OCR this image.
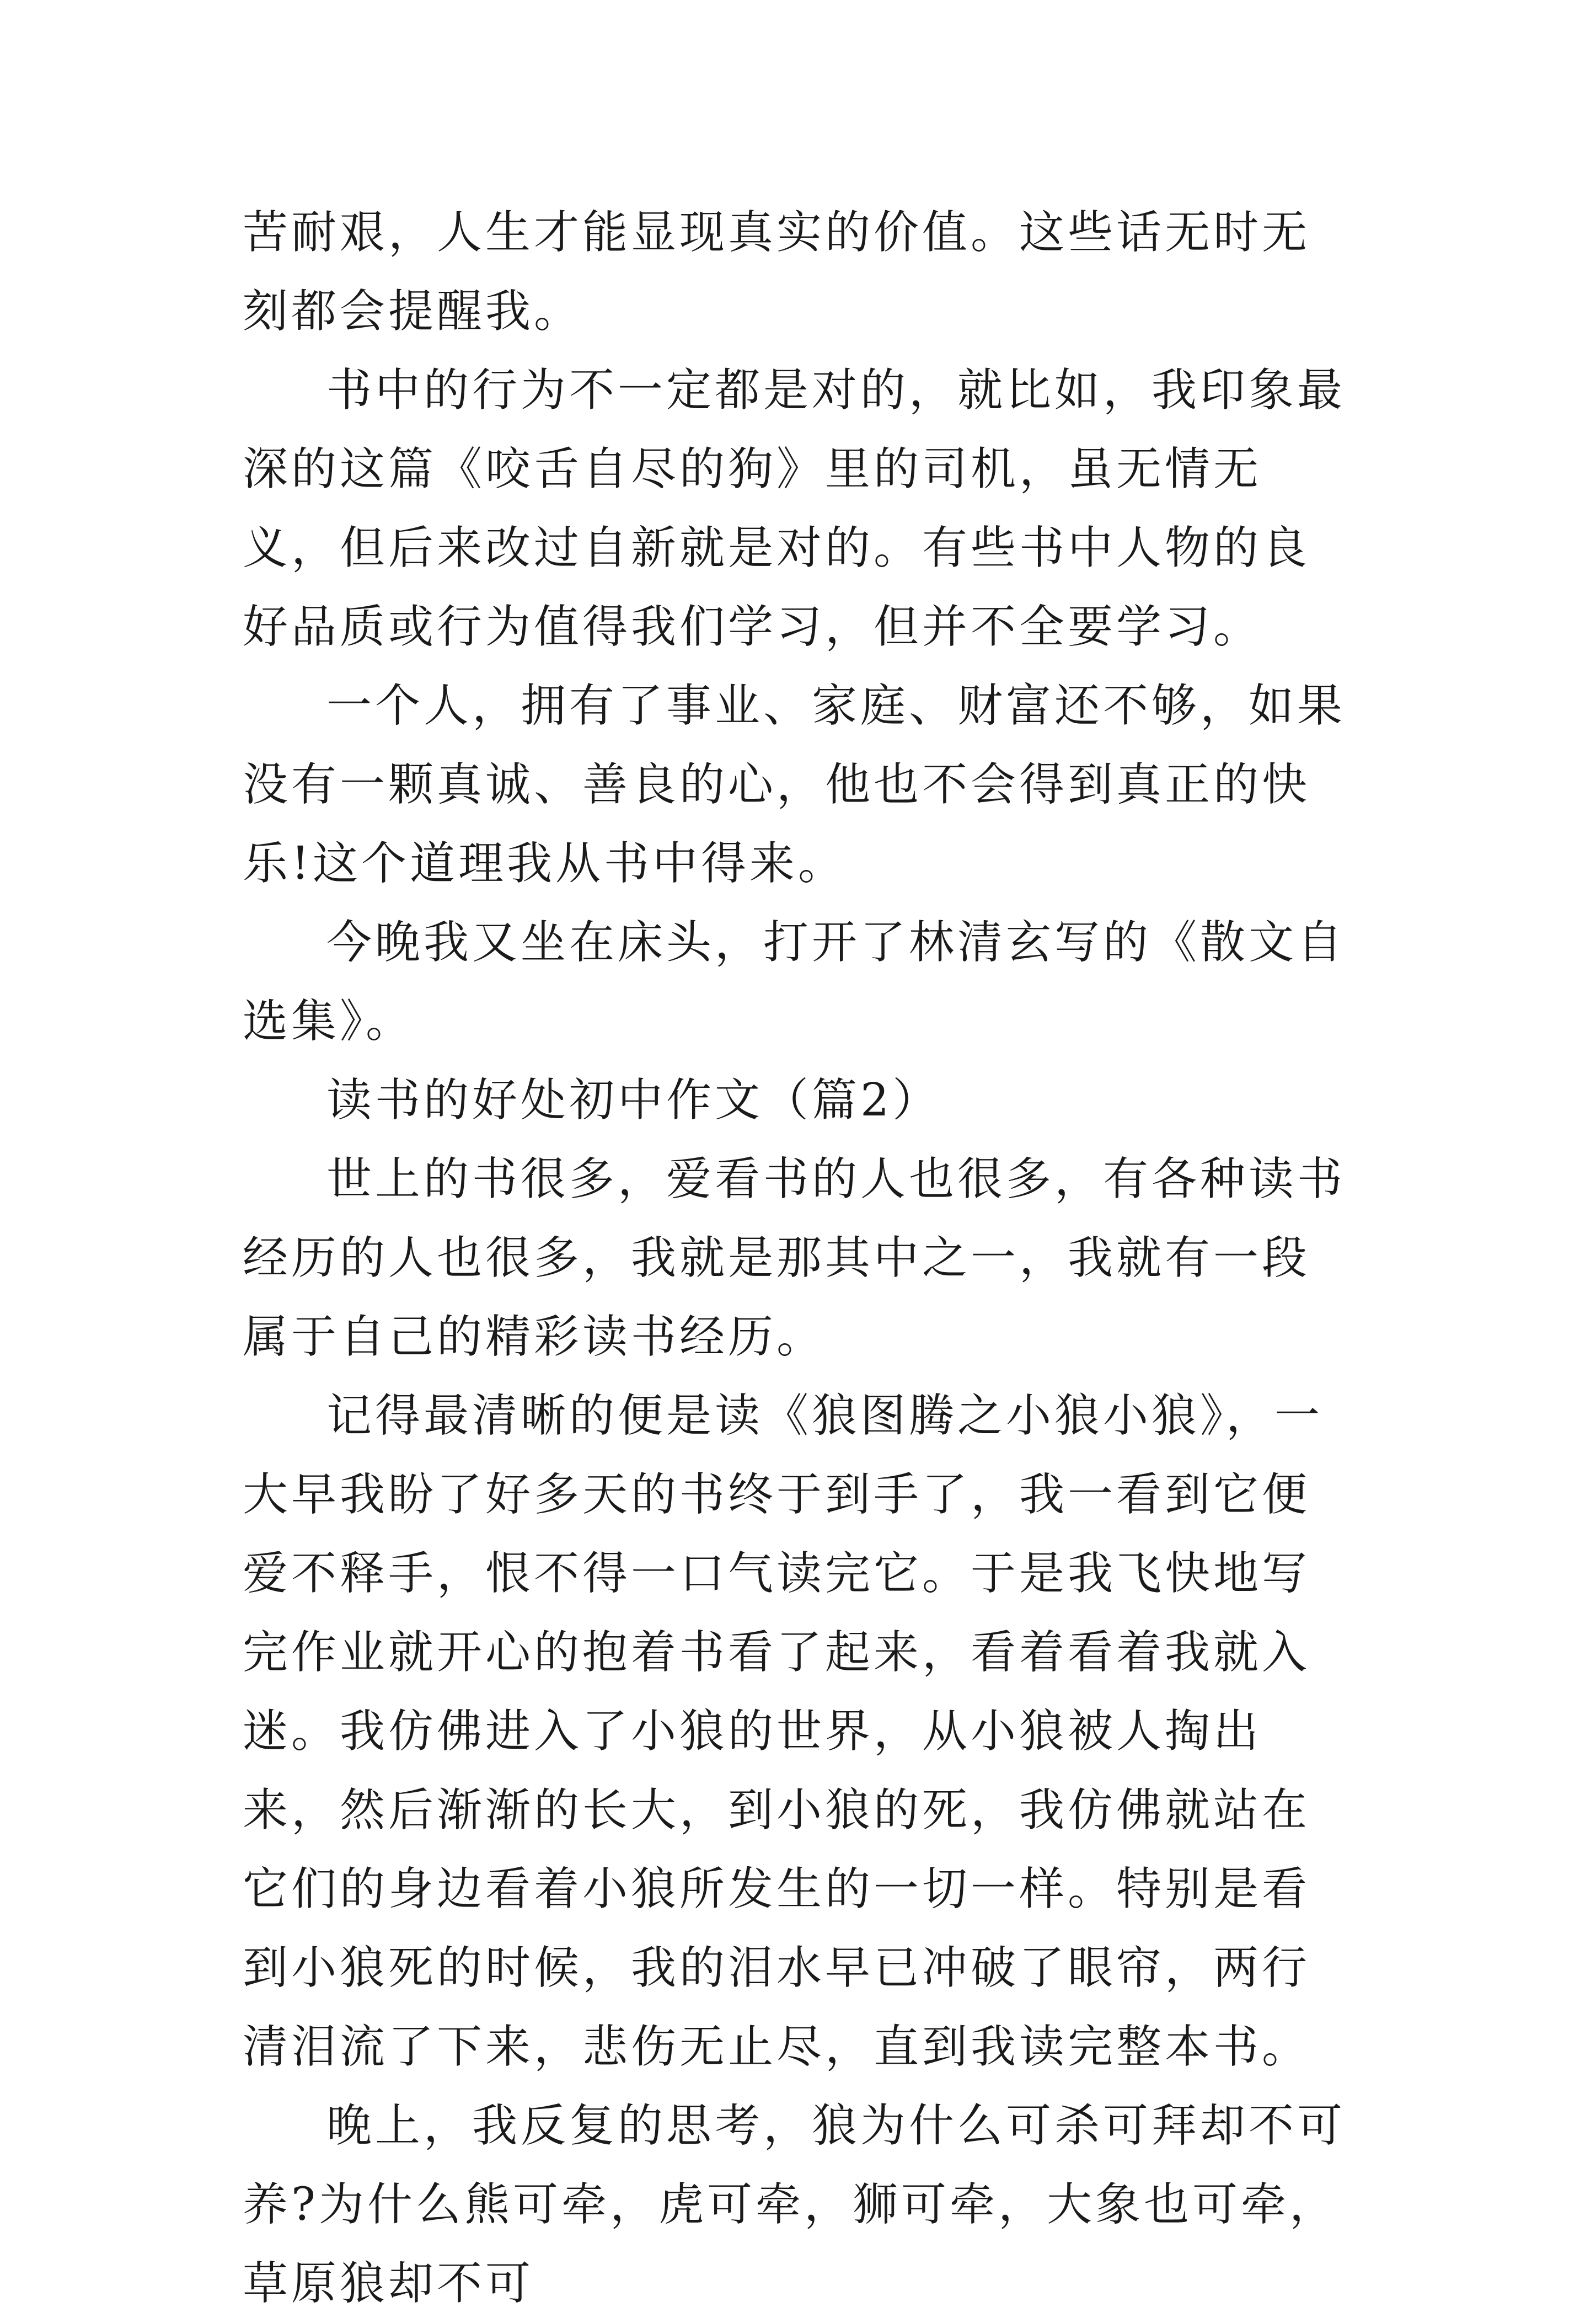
苦耐艰，人生才能显现真实的价值。这些话无时无刻都会提醒我。

书中的行为不一定都是对的，就比如，我印象最深的这篇《咬舌自尽的狗》里的司机，虽无情无义，但后来改过自新就是对的。有些书中人物的良好品质或行为值得我们学习，但并不全要学习。

一个人，拥有了事业、家庭、财富还不够，如果没有一颗真诚、善良的心，他也不会得到真正的快乐!这个道理我从书中得来。

今晚我又坐在床头，打开了林清玄写的《散文自选集》。

读书的好处初中作文（篇2）

世上的书很多，爱看书的人也很多，有各种读书经历的人也很多，我就是那其中之一，我就有一段属于自己的精彩读书经历。

记得最清晰的便是读《狼图腾之小狼小狼》，一大早我盼了好多天的书终于到手了，我一看到它便爱不释手，恨不得一口气读完它。于是我飞快地写完作业就开心的抱着书看了起来，看着看着我就入迷。我仿佛进入了小狼的世界，从小狼被人掏出来，然后渐渐的长大，到小狼的死，我仿佛就站在它们的身边看着小狼所发生的一切一样。特别是看到小狼死的时候，我的泪水早已冲破了眼帘，两行清泪流了下来，悲伤无止尽，直到我读完整本书。

晚上，我反复的思考，狼为什么可杀可拜却不可养?为什么熊可牵，虎可牵，狮可牵，大象也可牵，草原狼却不可
